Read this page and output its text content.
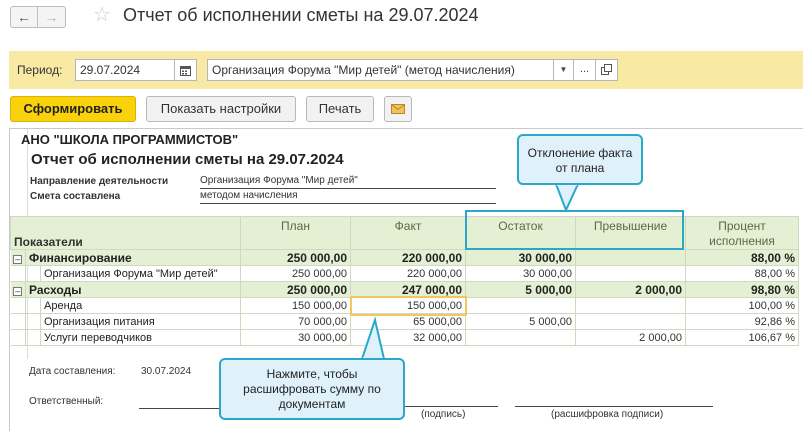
← →	☆ Отчет об исполнении сметы на 29.07.2024
Период:	29.07.2024	Организация Форума "Мир детей" (метод начисления)	▼	...
Сформировать	Показать настройки	Печать
АНО "ШКОЛА ПРОГРАММИСТОВ"
Отчет об исполнении сметы на 29.07.2024
Направление деятельности	Организация Форума "Мир детей"
Смета составлена	методом начисления
Показатели			План	Факт	Остаток	Превышение	Процент
исполнения

–	Финансирование		250 000,00	220 000,00	30 000,00		88,00 %
		Организация Форума "Мир детей"	250 000,00	220 000,00	30 000,00		88,00 %
–	Расходы		250 000,00	247 000,00	5 000,00	2 000,00	98,80 %
		Аренда	150 000,00	150 000,00			100,00 %
		Организация питания	70 000,00	65 000,00	5 000,00		92,86 %
		Услуги переводчиков	30 000,00	32 000,00		2 000,00	106,67 %
Дата составления:	30.07.2024
Ответственный:
(подпись)	(расшифровка подписи)
Отклонение факта
от плана
Нажмите, чтобы
расшифровать сумму по
документам
